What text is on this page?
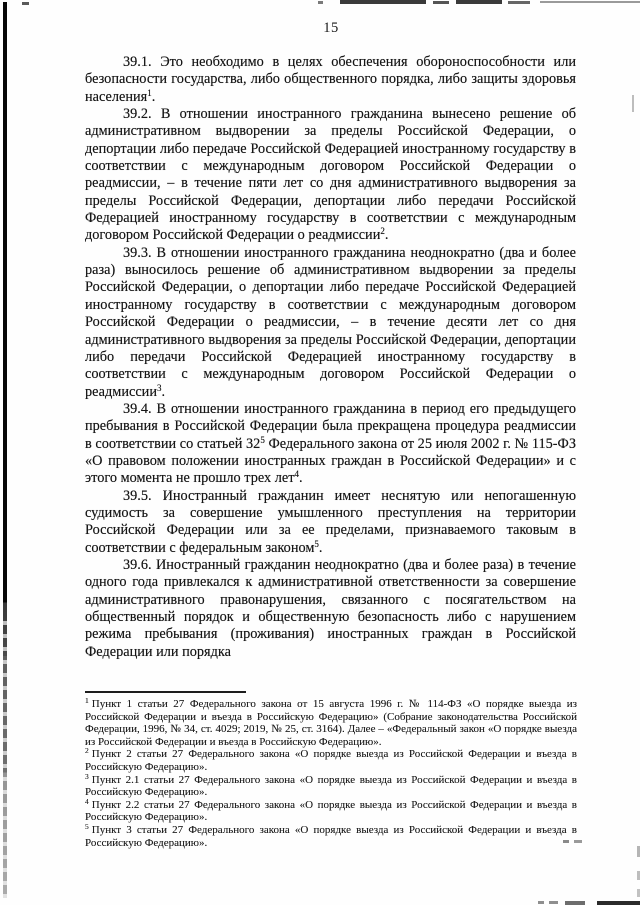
15

39.1. Это необходимо в целях обеспечения обороноспособности или безопасности государства, либо общественного порядка, либо защиты здоровья населения$^1$.

39.2. В отношении иностранного гражданина вынесено решение об административном выдворении за пределы Российской Федерации, о депортации либо передаче Российской Федерацией иностранному государству в соответствии с международным договором Российской Федерации о реадмиссии, – в течение пяти лет со дня административного выдворения за пределы Российской Федерации, депортации либо передачи Российской Федерацией иностранному государству в соответствии с международным договором Российской Федерации о реадмиссии$^2$.

39.3. В отношении иностранного гражданина неоднократно (два и более раза) выносилось решение об административном выдворении за пределы Российской Федерации, о депортации либо передаче Российской Федерацией иностранному государству в соответствии с международным договором Российской Федерации о реадмиссии, – в течение десяти лет со дня административного выдворения за пределы Российской Федерации, депортации либо передачи Российской Федерацией иностранному государству в соответствии с международным договором Российской Федерации о реадмиссии$^3$.

39.4. В отношении иностранного гражданина в период его предыдущего пребывания в Российской Федерации была прекращена процедура реадмиссии в соответствии со статьей $32^5$ Федерального закона от 25 июля 2002 г. № 115-ФЗ «О правовом положении иностранных граждан в Российской Федерации» и с этого момента не прошло трех лет$^4$.

39.5. Иностранный гражданин имеет неснятую или непогашенную судимость за совершение умышленного преступления на территории Российской Федерации или за ее пределами, признаваемого таковым в соответствии с федеральным законом$^5$.

39.6. Иностранный гражданин неоднократно (два и более раза) в течение одного года привлекался к административной ответственности за совершение административного правонарушения, связанного с посягательством на общественный порядок и общественную безопасность либо с нарушением режима пребывания (проживания) иностранных граждан в Российской Федерации или порядка

$^1$ Пункт 1 статьи 27 Федерального закона от 15 августа 1996 г. № 114-ФЗ «О порядке выезда из Российской Федерации и въезда в Российскую Федерацию» (Собрание законодательства Российской Федерации, 1996, № 34, ст. 4029; 2019, № 25, ст. 3164). Далее – «Федеральный закон «О порядке выезда из Российской Федерации и въезда в Российскую Федерацию».

$^2$ Пункт 2 статьи 27 Федерального закона «О порядке выезда из Российской Федерации и въезда в Российскую Федерацию».

$^3$ Пункт 2.1 статьи 27 Федерального закона «О порядке выезда из Российской Федерации и въезда в Российскую Федерацию».

$^4$ Пункт 2.2 статьи 27 Федерального закона «О порядке выезда из Российской Федерации и въезда в Российскую Федерацию».

$^5$ Пункт 3 статьи 27 Федерального закона «О порядке выезда из Российской Федерации и въезда в Российскую Федерацию».
